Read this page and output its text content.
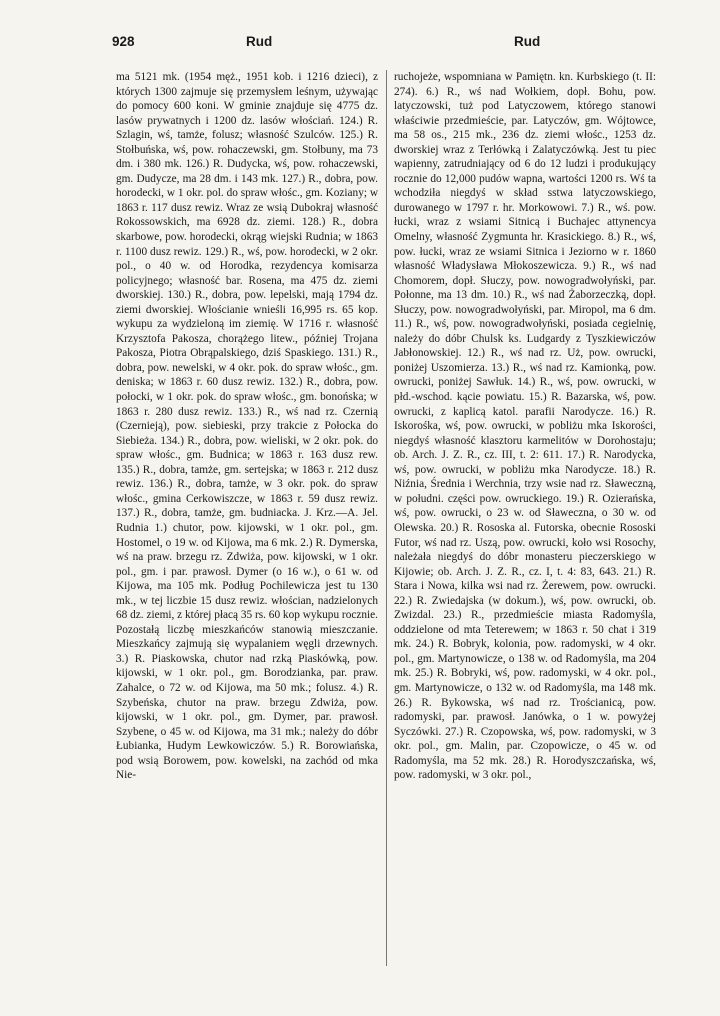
928	Rud	Rud

ma 5121 mk. (1954 męż., 1951 kob. i 1216 dzieci), z których 1300 zajmuje się przemysłem leśnym, używając do pomocy 600 koni. W gminie znajduje się 4775 dz. lasów prywatnych i 1200 dz. lasów włościań. 124.) R. Szlagin, wś, tamże, folusz; własność Szulców. 125.) R. Stołbuńska, wś, pow. rohaczewski, gm. Stołbuny, ma 73 dm. i 380 mk. 126.) R. Dudycka, wś, pow. rohaczewski, gm. Dudycze, ma 28 dm. i 143 mk. 127.) R., dobra, pow. horodecki, w 1 okr. pol. do spraw włośc., gm. Koziany; w 1863 r. 117 dusz rewiz. Wraz ze wsią Dubokraj własność Rokossowskich, ma 6928 dz. ziemi. 128.) R., dobra skarbowe, pow. horodecki, okrąg wiejski Rudnia; w 1863 r. 1100 dusz rewiz. 129.) R., wś, pow. horodecki, w 2 okr. pol., o 40 w. od Horodka, rezydencya komisarza policyjnego; własność bar. Rosena, ma 475 dz. ziemi dworskiej. 130.) R., dobra, pow. lepelski, mają 1794 dz. ziemi dworskiej. Włościanie wnieśli 16,995 rs. 65 kop. wykupu za wydzieloną im ziemię. W 1716 r. własność Krzysztofa Pakosza, chorążego litew., później Trojana Pakosza, Piotra Obrąpalskiego, dziś Spaskiego. 131.) R., dobra, pow. newelski, w 4 okr. pok. do spraw włośc., gm. deniska; w 1863 r. 60 dusz rewiz. 132.) R., dobra, pow. połocki, w 1 okr. pok. do spraw włośc., gm. bonońska; w 1863 r. 280 dusz rewiz. 133.) R., wś nad rz. Czernią (Czernieją), pow. siebieski, przy trakcie z Połocka do Siebieża. 134.) R., dobra, pow. wieliski, w 2 okr. pok. do spraw włośc., gm. Budnica; w 1863 r. 163 dusz rew. 135.) R., dobra, tamże, gm. sertejska; w 1863 r. 212 dusz rewiz. 136.) R., dobra, tamże, w 3 okr. pok. do spraw włośc., gmina Cerkowiszcze, w 1863 r. 59 dusz rewiz. 137.) R., dobra, tamże, gm. budniacka. J. Krz.—A. Jel. Rudnia 1.) chutor, pow. kijowski, w 1 okr. pol., gm. Hostomel, o 19 w. od Kijowa, ma 6 mk. 2.) R. Dymerska, wś na praw. brzegu rz. Zdwiża, pow. kijowski, w 1 okr. pol., gm. i par. prawosł. Dymer (o 16 w.), o 61 w. od Kijowa, ma 105 mk. Podług Pochilewicza jest tu 130 mk., w tej liczbie 15 dusz rewiz. włościan, nadzielonych 68 dz. ziemi, z której płacą 35 rs. 60 kop wykupu rocznie. Pozostałą liczbę mieszkańców stanowią mieszczanie. Mieszkańcy zajmują się wypalaniem węgli drzewnych. 3.) R. Piaskowska, chutor nad rzką Piaskówką, pow. kijowski, w 1 okr. pol., gm. Borodzianka, par. praw. Zahalce, o 72 w. od Kijowa, ma 50 mk.; folusz. 4.) R. Szybeńska, chutor na praw. brzegu Zdwiża, pow. kijowski, w 1 okr. pol., gm. Dymer, par. prawosł. Szybene, o 45 w. od Kijowa, ma 31 mk.; należy do dóbr Łubianka, Hudym Lewkowiczów. 5.) R. Borowiańska, pod wsią Borowem, pow. kowelski, na zachód od mka Nie-

ruchojeże, wspomniana w Pamiętn. kn. Kurbskiego (t. II: 274). 6.) R., wś nad Wołkiem, dopł. Bohu, pow. latyczowski, tuż pod Latyczowem, którego stanowi właściwie przedmieście, par. Latyczów, gm. Wójtowce, ma 58 os., 215 mk., 236 dz. ziemi włośc., 1253 dz. dworskiej wraz z Terłówką i Zalatyczówką. Jest tu piec wapienny, zatrudniający od 6 do 12 ludzi i produkujący rocznie do 12,000 pudów wapna, wartości 1200 rs. Wś ta wchodziła niegdyś w skład sstwa latyczowskiego, durowanego w 1797 r. hr. Morkowowi. 7.) R., wś. pow. łucki, wraz z wsiami Sitnicą i Buchajec attynencya Omelny, własność Zygmunta hr. Krasickiego. 8.) R., wś, pow. łucki, wraz ze wsiami Sitnica i Jeziorno w r. 1860 własność Władysława Młokoszewicza. 9.) R., wś nad Chomorem, dopł. Słuczy, pow. nowogradwołyński, par. Połonne, ma 13 dm. 10.) R., wś nad Żaborzeczką, dopł. Słuczy, pow. nowogradwołyński, par. Miropol, ma 6 dm. 11.) R., wś, pow. nowogradwołyński, posiada cegielnię, należy do dóbr Chulsk ks. Ludgardy z Tyszkiewiczów Jabłonowskiej. 12.) R., wś nad rz. Uż, pow. owrucki, poniżej Uszomierza. 13.) R., wś nad rz. Kamionką, pow. owrucki, poniżej Sawłuk. 14.) R., wś, pow. owrucki, w płd.-wschod. kącie powiatu. 15.) R. Bazarska, wś, pow. owrucki, z kaplicą katol. parafii Narodycze. 16.) R. Iskorośka, wś, pow. owrucki, w pobliżu mka Iskorości, niegdyś własność klasztoru karmelitów w Dorohostaju; ob. Arch. J. Z. R., cz. III, t. 2: 611. 17.) R. Narodycka, wś, pow. owrucki, w pobliżu mka Narodycze. 18.) R. Niźnia, Średnia i Werchnia, trzy wsie nad rz. Sławeczną, w południ. części pow. owruckiego. 19.) R. Ozierańska, wś, pow. owrucki, o 23 w. od Sławeczna, o 30 w. od Olewska. 20.) R. Rososka al. Futorska, obecnie Rososki Futor, wś nad rz. Uszą, pow. owrucki, koło wsi Rosochy, należała niegdyś do dóbr monasteru pieczerskiego w Kijowie; ob. Arch. J. Z. R., cz. I, t. 4: 83, 643. 21.) R. Stara i Nowa, kilka wsi nad rz. Żerewem, pow. owrucki. 22.) R. Zwiedajska (w dokum.), wś, pow. owrucki, ob. Zwizdal. 23.) R., przedmieście miasta Radomyśla, oddzielone od mta Teterewem; w 1863 r. 50 chat i 319 mk. 24.) R. Bobryk, kolonia, pow. radomyski, w 4 okr. pol., gm. Martynowicze, o 138 w. od Radomyśla, ma 204 mk. 25.) R. Bobryki, wś, pow. radomyski, w 4 okr. pol., gm. Martynowicze, o 132 w. od Radomyśla, ma 148 mk. 26.) R. Bykowska, wś nad rz. Trościanicą, pow. radomyski, par. prawosł. Janówka, o 1 w. powyżej Syczówki. 27.) R. Czopowska, wś, pow. radomyski, w 3 okr. pol., gm. Malin, par. Czopowicze, o 45 w. od Radomyśla, ma 52 mk. 28.) R. Horodyszczańska, wś, pow. radomyski, w 3 okr. pol.,
